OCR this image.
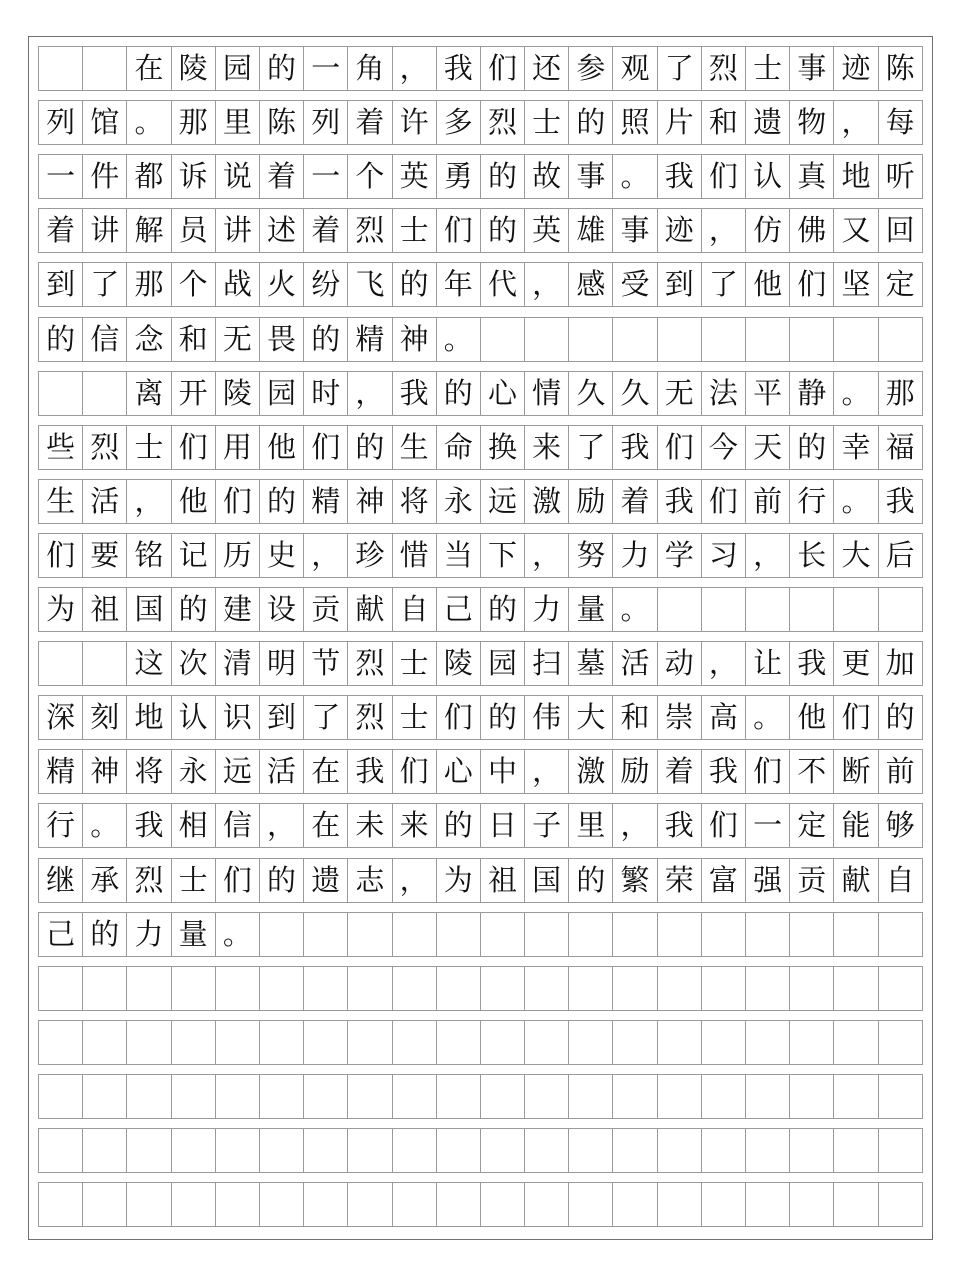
在 陵 园 的 一 角 ， 我 们 还 参 观 了 烈 士 事 迹 陈
列 馆 。 那 里 陈 列 着 许 多 烈 士 的 照 片 和 遗 物 ， 每
一 件 都 诉 说 着 一 个 英 勇 的 故 事 。 我 们 认 真 地 听
着 讲 解 员 讲 述 着 烈 士 们 的 英 雄 事 迹 ， 仿 佛 又 回
到 了 那 个 战 火 纷 飞 的 年 代 ， 感 受 到 了 他 们 坚 定
的 信 念 和 无 畏 的 精 神 。
离 开 陵 园 时 ， 我 的 心 情 久 久 无 法 平 静 。 那
些 烈 士 们 用 他 们 的 生 命 换 来 了 我 们 今 天 的 幸 福
生 活 ， 他 们 的 精 神 将 永 远 激 励 着 我 们 前 行 。 我
们 要 铭 记 历 史 ， 珍 惜 当 下 ， 努 力 学 习 ， 长 大 后
为 祖 国 的 建 设 贡 献 自 己 的 力 量 。
这 次 清 明 节 烈 士 陵 园 扫 墓 活 动 ， 让 我 更 加
深 刻 地 认 识 到 了 烈 士 们 的 伟 大 和 崇 高 。 他 们 的
精 神 将 永 远 活 在 我 们 心 中 ， 激 励 着 我 们 不 断 前
行 。 我 相 信 ， 在 未 来 的 日 子 里 ， 我 们 一 定 能 够
继 承 烈 士 们 的 遗 志 ， 为 祖 国 的 繁 荣 富 强 贡 献 自
己 的 力 量 。
